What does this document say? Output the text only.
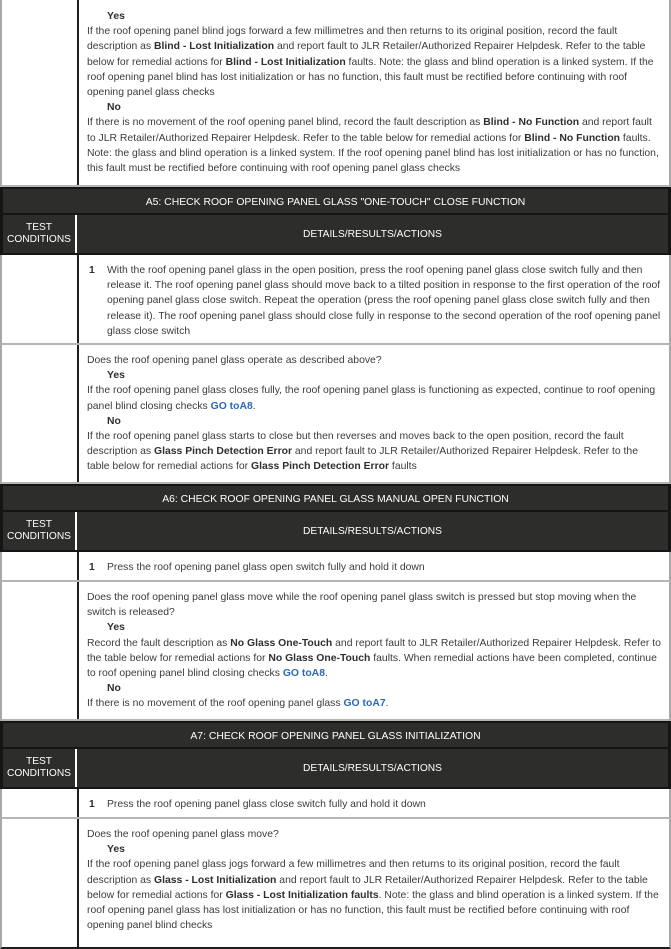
Yes
If the roof opening panel blind jogs forward a few millimetres and then returns to its original position, record the fault description as Blind - Lost Initialization and report fault to JLR Retailer/Authorized Repairer Helpdesk. Refer to the table below for remedial actions for Blind - Lost Initialization faults. Note: the glass and blind operation is a linked system. If the roof opening panel blind has lost initialization or has no function, this fault must be rectified before continuing with roof opening panel glass checks
No
If there is no movement of the roof opening panel blind, record the fault description as Blind - No Function and report fault to JLR Retailer/Authorized Repairer Helpdesk. Refer to the table below for remedial actions for Blind - No Function faults. Note: the glass and blind operation is a linked system. If the roof opening panel blind has lost initialization or has no function, this fault must be rectified before continuing with roof opening panel glass checks
A5: CHECK ROOF OPENING PANEL GLASS "ONE-TOUCH" CLOSE FUNCTION
TEST CONDITIONS	DETAILS/RESULTS/ACTIONS
1	With the roof opening panel glass in the open position, press the roof opening panel glass close switch fully and then release it. The roof opening panel glass should move back to a tilted position in response to the first operation of the roof opening panel glass close switch. Repeat the operation (press the roof opening panel glass close switch fully and then release it). The roof opening panel glass should close fully in response to the second operation of the roof opening panel glass close switch
Does the roof opening panel glass operate as described above?
Yes
If the roof opening panel glass closes fully, the roof opening panel glass is functioning as expected, continue to roof opening panel blind closing checks GO toA8.
No
If the roof opening panel glass starts to close but then reverses and moves back to the open position, record the fault description as Glass Pinch Detection Error and report fault to JLR Retailer/Authorized Repairer Helpdesk. Refer to the table below for remedial actions for Glass Pinch Detection Error faults
A6: CHECK ROOF OPENING PANEL GLASS MANUAL OPEN FUNCTION
TEST CONDITIONS	DETAILS/RESULTS/ACTIONS
1	Press the roof opening panel glass open switch fully and hold it down
Does the roof opening panel glass move while the roof opening panel glass switch is pressed but stop moving when the switch is released?
Yes
Record the fault description as No Glass One-Touch and report fault to JLR Retailer/Authorized Repairer Helpdesk. Refer to the table below for remedial actions for No Glass One-Touch faults. When remedial actions have been completed, continue to roof opening panel blind closing checks GO toA8.
No
If there is no movement of the roof opening panel glass GO toA7.
A7: CHECK ROOF OPENING PANEL GLASS INITIALIZATION
TEST CONDITIONS	DETAILS/RESULTS/ACTIONS
1	Press the roof opening panel glass close switch fully and hold it down
Does the roof opening panel glass move?
Yes
If the roof opening panel glass jogs forward a few millimetres and then returns to its original position, record the fault description as Glass - Lost Initialization and report fault to JLR Retailer/Authorized Repairer Helpdesk. Refer to the table below for remedial actions for Glass - Lost Initialization faults. Note: the glass and blind operation is a linked system. If the roof opening panel glass has lost initialization or has no function, this fault must be rectified before continuing with roof opening panel blind checks
